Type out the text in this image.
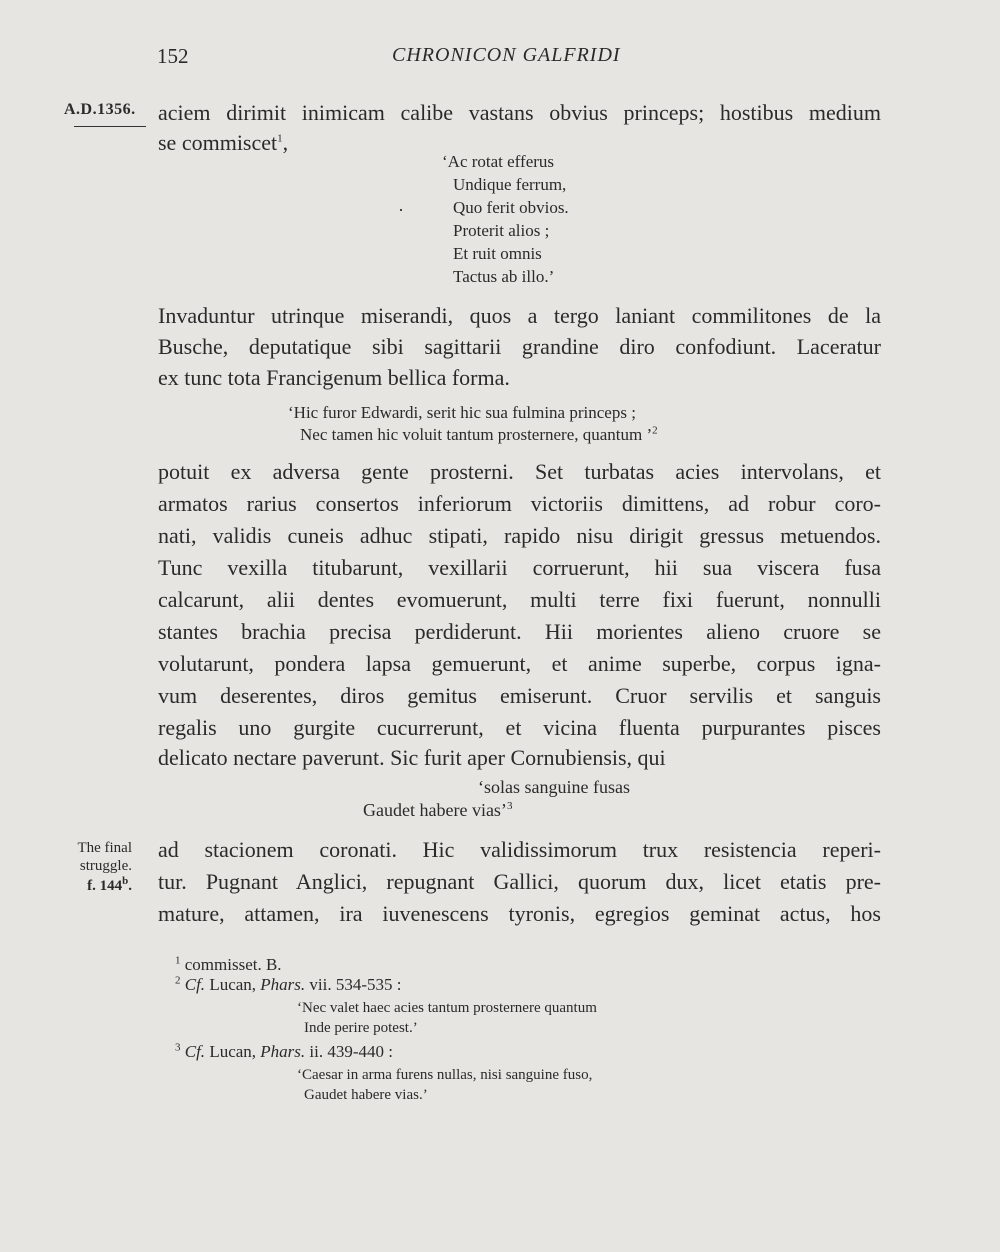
152	CHRONICON GALFRIDI
A.D.1356. aciem dirimit inimicam calibe vastans obvius princeps; hostibus medium
se commiscet$^1$,
‘Ac rotat efferus
Undique ferrum,
Quo ferit obvios.
Proterit alios ;
Et ruit omnis
Tactus ab illo.’
·
Invaduntur utrinque miserandi, quos a tergo laniant commilitones de la
Busche, deputatique sibi sagittarii grandine diro confodiunt. Laceratur
ex tunc tota Francigenum bellica forma.
‘Hic furor Edwardi, serit hic sua fulmina princeps ;
Nec tamen hic voluit tantum prosternere, quantum ’$^2$
potuit ex adversa gente prosterni. Set turbatas acies intervolans, et
armatos rarius consertos inferiorum victoriis dimittens, ad robur coro-
nati, validis cuneis adhuc stipati, rapido nisu dirigit gressus metuendos.
Tunc vexilla titubarunt, vexillarii corruerunt, hii sua viscera fusa
calcarunt, alii dentes evomuerunt, multi terre fixi fuerunt, nonnulli
stantes brachia precisa perdiderunt. Hii morientes alieno cruore se
volutarunt, pondera lapsa gemuerunt, et anime superbe, corpus igna-
vum deserentes, diros gemitus emiserunt. Cruor servilis et sanguis
regalis uno gurgite cucurrerunt, et vicina fluenta purpurantes pisces
delicato nectare paverunt. Sic furit aper Cornubiensis, qui
‘solas sanguine fusas
Gaudet habere vias’$^3$
The final
struggle.
f. 144$^b$.
ad stacionem coronati. Hic validissimorum trux resistencia reperi-
tur. Pugnant Anglici, repugnant Gallici, quorum dux, licet etatis pre-
mature, attamen, ira iuvenescens tyronis, egregios geminat actus, hos
$^1$ commisset. B.
$^2$ Cf. Lucan, Phars. vii. 534-535 :
‘Nec valet haec acies tantum prosternere quantum
Inde perire potest.’
$^3$ Cf. Lucan, Phars. ii. 439-440 :
‘Caesar in arma furens nullas, nisi sanguine fuso,
Gaudet habere vias.’
